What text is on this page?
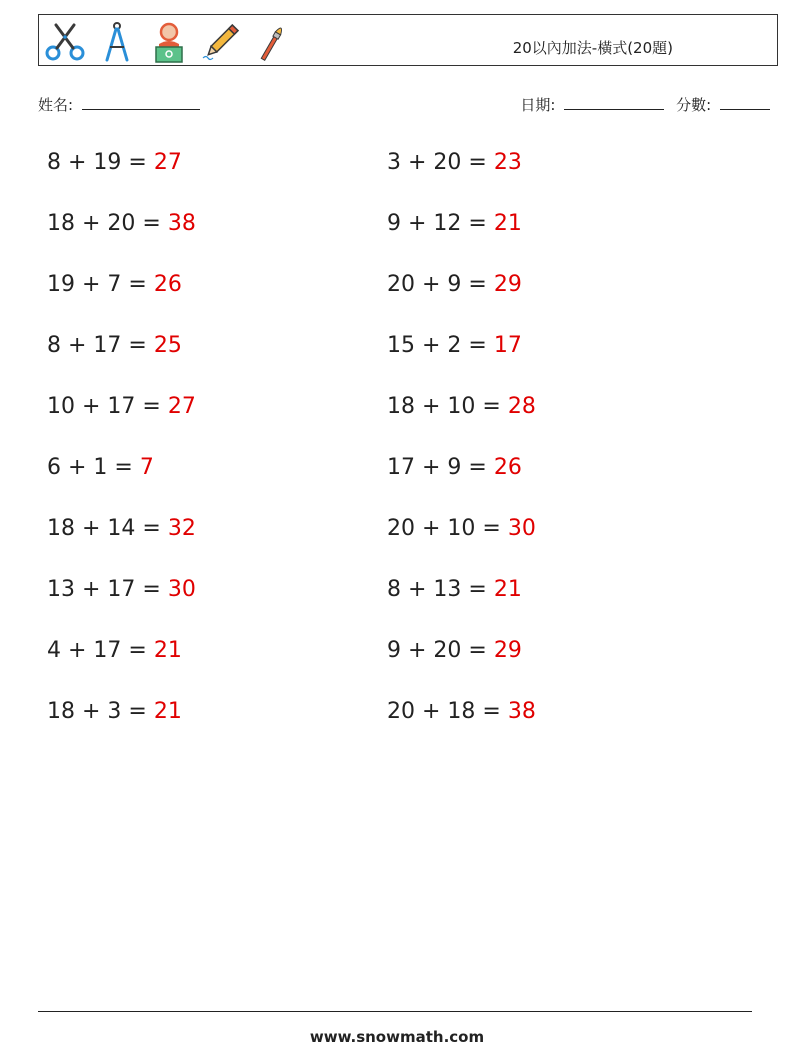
20以內加法-橫式(20題)
姓名:	日期:	分數:
8 + 19 = 27	3 + 20 = 23
18 + 20 = 38	9 + 12 = 21
19 + 7 = 26	20 + 9 = 29
8 + 17 = 25	15 + 2 = 17
10 + 17 = 27	18 + 10 = 28
6 + 1 = 7	17 + 9 = 26
18 + 14 = 32	20 + 10 = 30
13 + 17 = 30	8 + 13 = 21
4 + 17 = 21	9 + 20 = 29
18 + 3 = 21	20 + 18 = 38
www.snowmath.com
